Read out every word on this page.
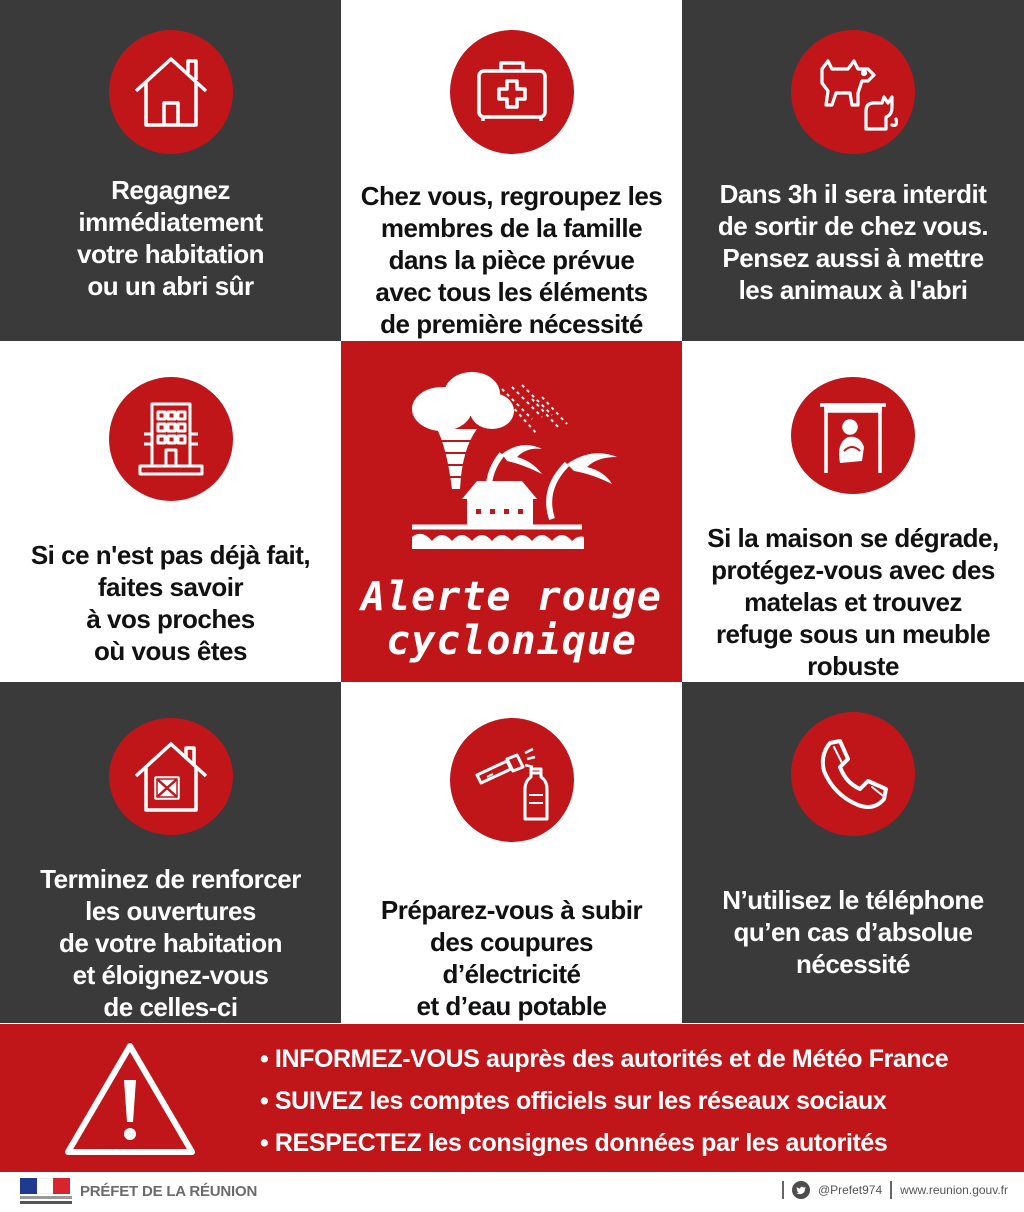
Regagnez
immédiatement
votre habitation
ou un abri sûr
Chez vous, regroupez les
membres de la famille
dans la pièce prévue
avec tous les éléments
de première nécessité
Dans 3h il sera interdit
de sortir de chez vous.
Pensez aussi à mettre
les animaux à l'abri
Si ce n'est pas déjà fait,
faites savoir
à vos proches
où vous êtes
Alerte rouge
cyclonique
Si la maison se dégrade,
protégez-vous avec des
matelas et trouvez
refuge sous un meuble
robuste
Terminez de renforcer
les ouvertures
de votre habitation
et éloignez-vous
de celles-ci
Préparez-vous à subir
des coupures
d’électricité
et d’eau potable
N’utilisez le téléphone
qu’en cas d’absolue
nécessité
• INFORMEZ-VOUS auprès des autorités et de Météo France
• SUIVEZ les comptes officiels sur les réseaux sociaux
• RESPECTEZ les consignes données par les autorités
PRÉFET DE LA RÉUNION	@Prefet974 www.reunion.gouv.fr
